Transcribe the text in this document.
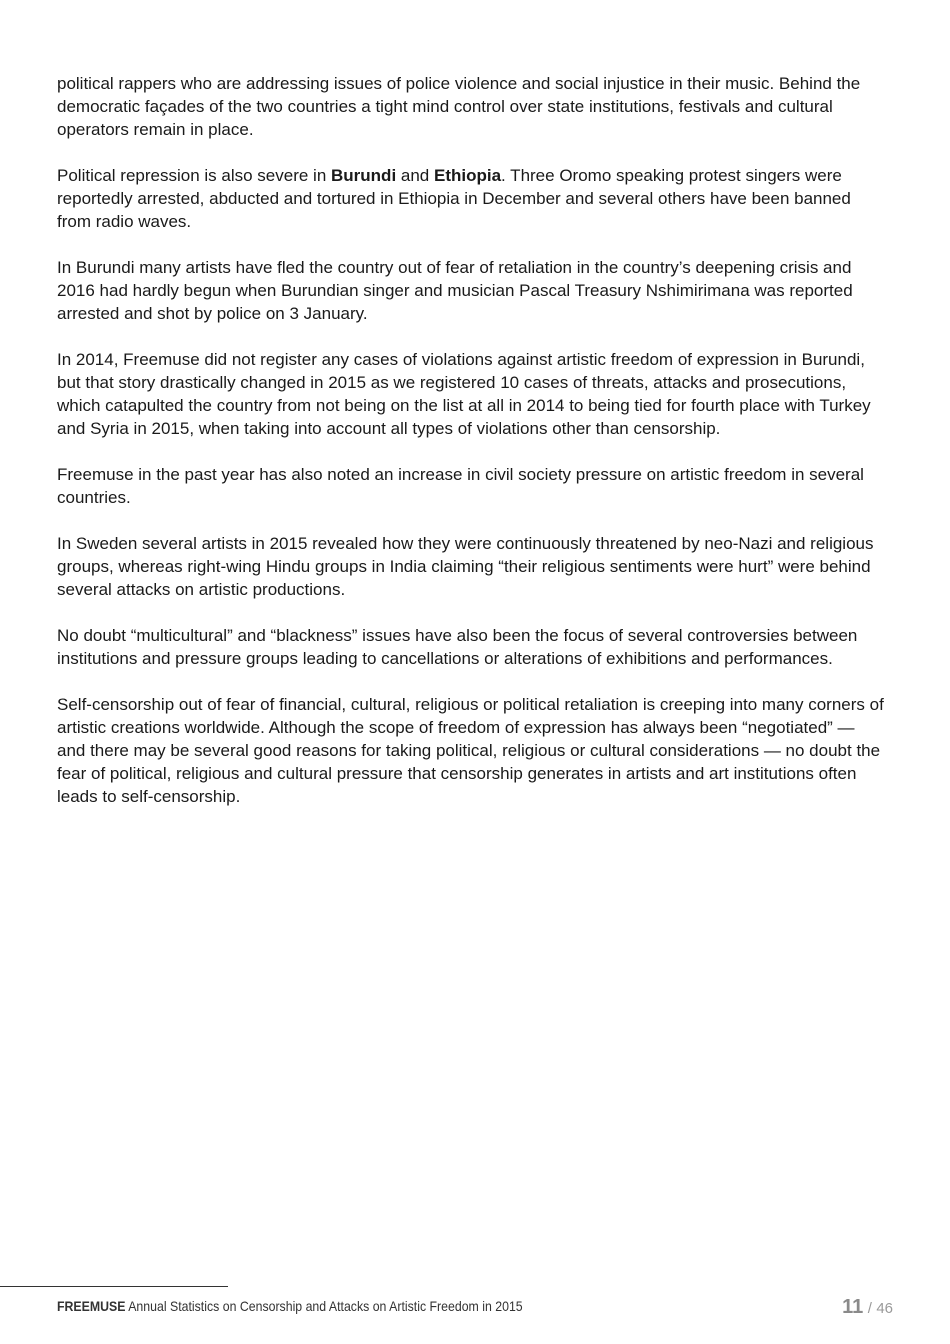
political rappers who are addressing issues of police violence and social injustice in their music. Behind the democratic façades of the two countries a tight mind control over state institutions, festivals and cultural operators remain in place.

Political repression is also severe in Burundi and Ethiopia. Three Oromo speaking protest singers were reportedly arrested, abducted and tortured in Ethiopia in December and several others have been banned from radio waves.

In Burundi many artists have fled the country out of fear of retaliation in the country’s deepening crisis and 2016 had hardly begun when Burundian singer and musician Pascal Treasury Nshimirimana was reported arrested and shot by police on 3 January.

In 2014, Freemuse did not register any cases of violations against artistic freedom of expression in Burundi, but that story drastically changed in 2015 as we registered 10 cases of threats, attacks and prosecutions, which catapulted the country from not being on the list at all in 2014 to being tied for fourth place with Turkey and Syria in 2015, when taking into account all types of violations other than censorship.

Freemuse in the past year has also noted an increase in civil society pressure on artistic freedom in several countries.

In Sweden several artists in 2015 revealed how they were continuously threatened by neo-Nazi and religious groups, whereas right-wing Hindu groups in India claiming “their religious sentiments were hurt” were behind several attacks on artistic productions.

No doubt “multicultural” and “blackness” issues have also been the focus of several controversies between institutions and pressure groups leading to cancellations or alterations of exhibitions and performances.

Self-censorship out of fear of financial, cultural, religious or political retaliation is creeping into many corners of artistic creations worldwide. Although the scope of freedom of expression has always been “negotiated” — and there may be several good reasons for taking political, religious or cultural considerations — no doubt the fear of political, religious and cultural pressure that censorship generates in artists and art institutions often leads to self-censorship.

FREEMUSE Annual Statistics on Censorship and Attacks on Artistic Freedom in 2015	11 / 46
